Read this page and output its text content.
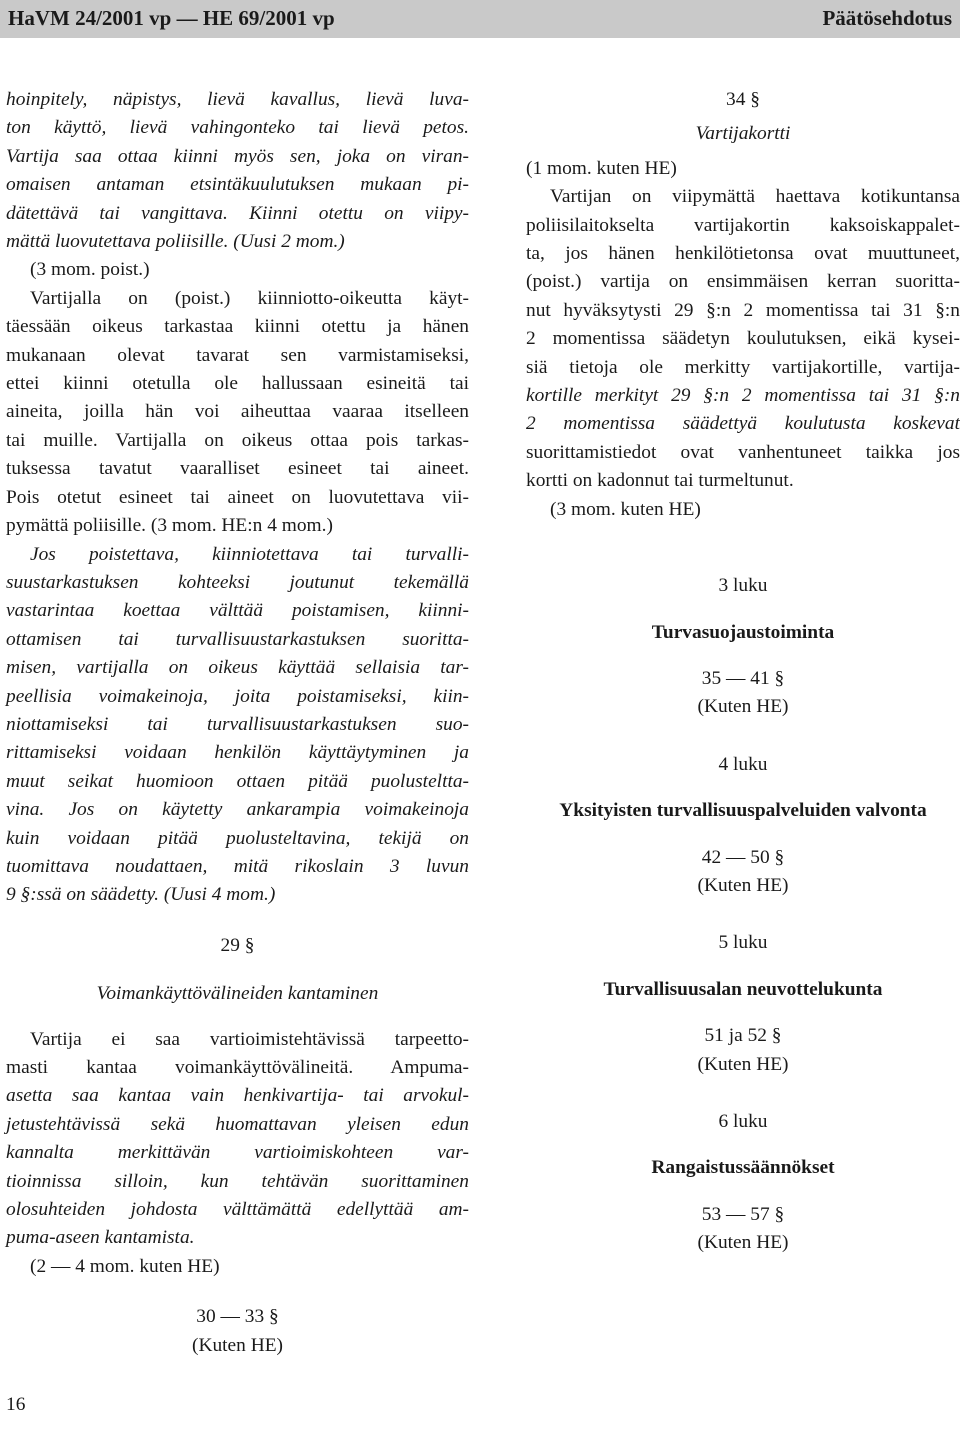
HaVM 24/2001 vp — HE 69/2001 vp	Päätösehdotus

hoinpitely, näpistys, lievä kavallus, lievä luva-

ton käyttö, lievä vahingonteko tai lievä petos.

Vartija saa ottaa kiinni myös sen, joka on viran-

omaisen antaman etsintäkuulutuksen mukaan pi-

dätettävä tai vangittava. Kiinni otettu on viipy-

mättä luovutettava poliisille. (Uusi 2 mom.)

(3 mom. poist.)

Vartijalla on (poist.) kiinniotto-oikeutta käyt-

täessään oikeus tarkastaa kiinni otettu ja hänen

mukanaan olevat tavarat sen varmistamiseksi,

ettei kiinni otetulla ole hallussaan esineitä tai

aineita, joilla hän voi aiheuttaa vaaraa itselleen

tai muille. Vartijalla on oikeus ottaa pois tarkas-

tuksessa tavatut vaaralliset esineet tai aineet.

Pois otetut esineet tai aineet on luovutettava vii-

pymättä poliisille. (3 mom. HE:n 4 mom.)

Jos poistettava, kiinniotettava tai turvalli-

suustarkastuksen kohteeksi joutunut tekemällä

vastarintaa koettaa välttää poistamisen, kiinni-

ottamisen tai turvallisuustarkastuksen suoritta-

misen, vartijalla on oikeus käyttää sellaisia tar-

peellisia voimakeinoja, joita poistamiseksi, kiin-

niottamiseksi tai turvallisuustarkastuksen suo-

rittamiseksi voidaan henkilön käyttäytyminen ja

muut seikat huomioon ottaen pitää puolusteltta-

vina. Jos on käytetty ankarampia voimakeinoja

kuin voidaan pitää puolusteltavina, tekijä on

tuomittava noudattaen, mitä rikoslain 3 luvun

9 §:ssä on säädetty. (Uusi 4 mom.)

29 §

Voimankäyttövälineiden kantaminen

Vartija ei saa vartioimistehtävissä tarpeetto-

masti kantaa voimankäyttövälineitä. Ampuma-

asetta saa kantaa vain henkivartija- tai arvokul-

jetustehtävissä sekä huomattavan yleisen edun

kannalta merkittävän vartioimiskohteen var-

tioinnissa silloin, kun tehtävän suorittaminen

olosuhteiden johdosta välttämättä edellyttää am-

puma-aseen kantamista.

(2 — 4 mom. kuten HE)

30 — 33 §

(Kuten HE)

34 §

Vartijakortti

(1 mom. kuten HE)

Vartijan on viipymättä haettava kotikuntansa

poliisilaitokselta vartijakortin kaksoiskappalet-

ta, jos hänen henkilötietonsa ovat muuttuneet,

(poist.) vartija on ensimmäisen kerran suoritta-

nut hyväksytysti 29 §:n 2 momentissa tai 31 §:n

2 momentissa säädetyn koulutuksen, eikä kysei-

siä tietoja ole merkitty vartijakortille, vartija-

kortille merkityt 29 §:n 2 momentissa tai 31 §:n

2 momentissa säädettyä koulutusta koskevat

suorittamistiedot ovat vanhentuneet taikka jos

kortti on kadonnut tai turmeltunut.

(3 mom. kuten HE)

3 luku

Turvasuojaustoiminta

35 — 41 §

(Kuten HE)

4 luku

Yksityisten turvallisuuspalveluiden valvonta

42 — 50 §

(Kuten HE)

5 luku

Turvallisuusalan neuvottelukunta

51 ja 52 §

(Kuten HE)

6 luku

Rangaistussäännökset

53 — 57 §

(Kuten HE)

16
